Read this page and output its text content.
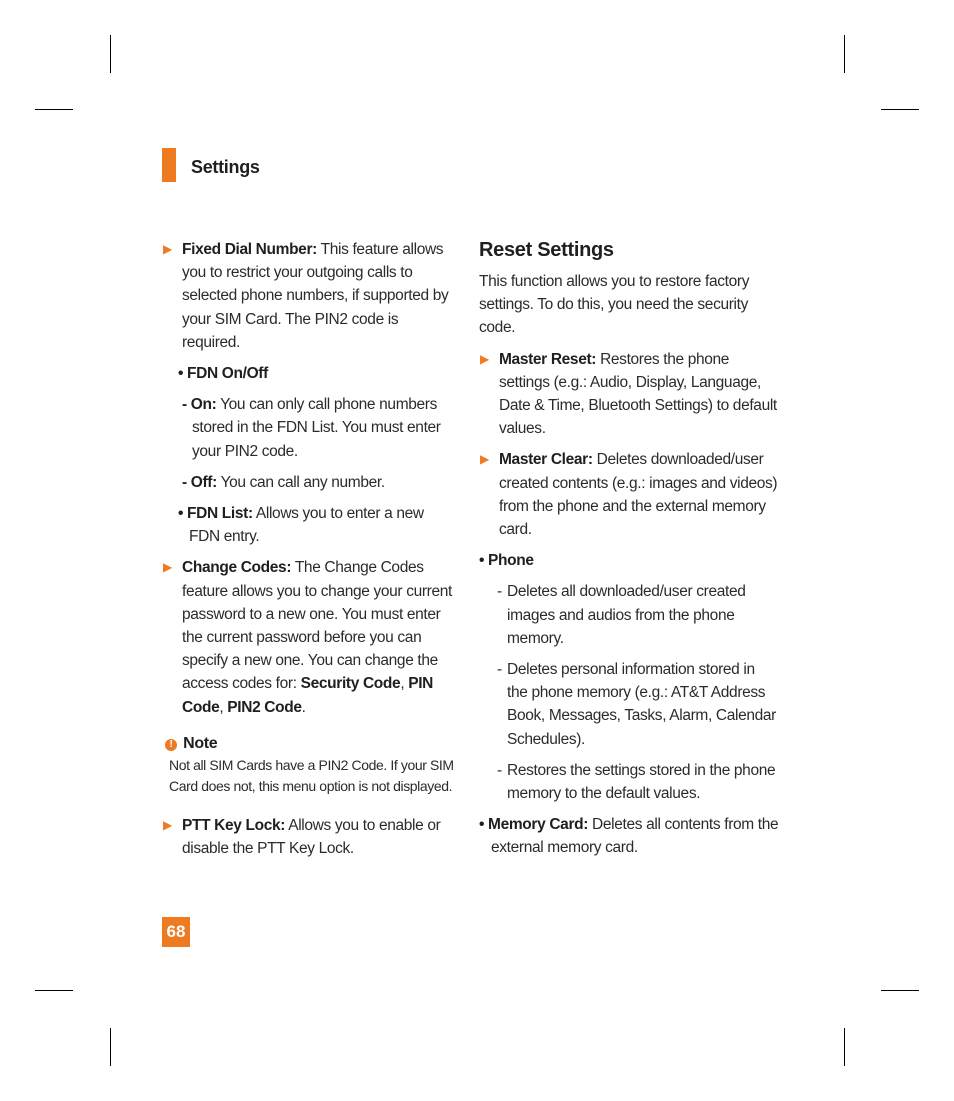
Settings
▶ Fixed Dial Number: This feature allows you to restrict your outgoing calls to selected phone numbers, if supported by your SIM Card. The PIN2 code is required.
• FDN On/Off
- On: You can only call phone numbers stored in the FDN List. You must enter your PIN2 code.
- Off: You can call any number.
• FDN List: Allows you to enter a new FDN entry.
▶ Change Codes: The Change Codes feature allows you to change your current password to a new one. You must enter the current password before you can specify a new one. You can change the access codes for: Security Code, PIN Code, PIN2 Code.
! Note
Not all SIM Cards have a PIN2 Code. If your SIM Card does not, this menu option is not displayed.
▶ PTT Key Lock: Allows you to enable or disable the PTT Key Lock.
Reset Settings
This function allows you to restore factory settings. To do this, you need the security code.
▶ Master Reset: Restores the phone settings (e.g.: Audio, Display, Language, Date & Time, Bluetooth Settings) to default values.
▶ Master Clear: Deletes downloaded/user created contents (e.g.: images and videos) from the phone and the external memory card.
• Phone
- Deletes all downloaded/user created images and audios from the phone memory.
- Deletes personal information stored in the phone memory (e.g.: AT&T Address Book, Messages, Tasks, Alarm, Calendar Schedules).
- Restores the settings stored in the phone memory to the default values.
• Memory Card: Deletes all contents from the external memory card.
68
